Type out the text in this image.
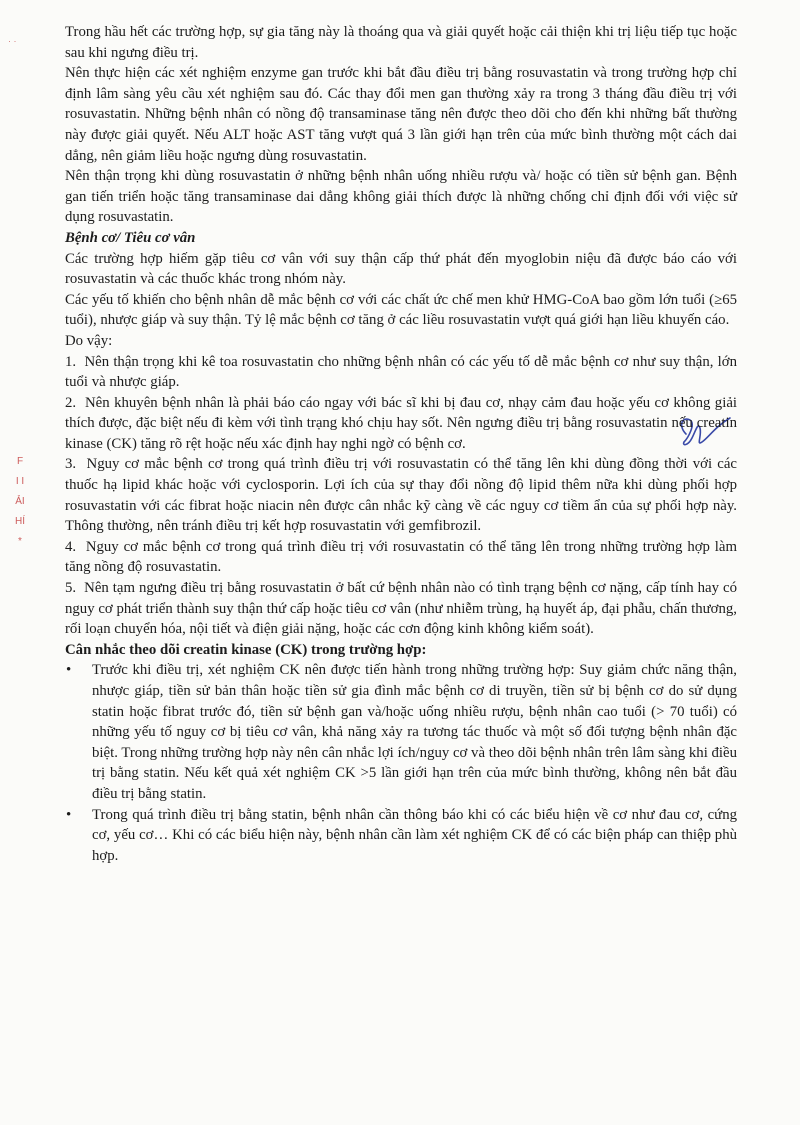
· ·
F
I I
ẢI
HÍ
*

Trong hầu hết các trường hợp, sự gia tăng này là thoáng qua và giải quyết hoặc cải thiện khi trị liệu tiếp tục hoặc sau khi ngưng điều trị.

Nên thực hiện các xét nghiệm enzyme gan trước khi bắt đầu điều trị bằng rosuvastatin và trong trường hợp chỉ định lâm sàng yêu cầu xét nghiệm sau đó. Các thay đổi men gan thường xảy ra trong 3 tháng đầu điều trị với rosuvastatin. Những bệnh nhân có nồng độ transaminase tăng nên được theo dõi cho đến khi những bất thường này được giải quyết. Nếu ALT hoặc AST tăng vượt quá 3 lần giới hạn trên của mức bình thường một cách dai dẳng, nên giảm liều hoặc ngưng dùng rosuvastatin.

Nên thận trọng khi dùng rosuvastatin ở những bệnh nhân uống nhiều rượu và/ hoặc có tiền sử bệnh gan. Bệnh gan tiến triển hoặc tăng transaminase dai dẳng không giải thích được là những chống chỉ định đối với việc sử dụng rosuvastatin.

Bệnh cơ/ Tiêu cơ vân

Các trường hợp hiếm gặp tiêu cơ vân với suy thận cấp thứ phát đến myoglobin niệu đã được báo cáo với rosuvastatin và các thuốc khác trong nhóm này.

Các yếu tố khiến cho bệnh nhân dễ mắc bệnh cơ với các chất ức chế men khử HMG-CoA bao gồm lớn tuổi (≥65 tuổi), nhược giáp và suy thận. Tỷ lệ mắc bệnh cơ tăng ở các liều rosuvastatin vượt quá giới hạn liều khuyến cáo.

Do vậy:

1. Nên thận trọng khi kê toa rosuvastatin cho những bệnh nhân có các yếu tố dễ mắc bệnh cơ như suy thận, lớn tuổi và nhược giáp.
2. Nên khuyên bệnh nhân là phải báo cáo ngay với bác sĩ khi bị đau cơ, nhạy cảm đau hoặc yếu cơ không giải thích được, đặc biệt nếu đi kèm với tình trạng khó chịu hay sốt. Nên ngưng điều trị bằng rosuvastatin nếu creatin kinase (CK) tăng rõ rệt hoặc nếu xác định hay nghi ngờ có bệnh cơ.
3. Nguy cơ mắc bệnh cơ trong quá trình điều trị với rosuvastatin có thể tăng lên khi dùng đồng thời với các thuốc hạ lipid khác hoặc với cyclosporin. Lợi ích của sự thay đổi nồng độ lipid thêm nữa khi dùng phối hợp rosuvastatin với các fibrat hoặc niacin nên được cân nhắc kỹ càng về các nguy cơ tiềm ẩn của sự phối hợp này. Thông thường, nên tránh điều trị kết hợp rosuvastatin với gemfibrozil.
4. Nguy cơ mắc bệnh cơ trong quá trình điều trị với rosuvastatin có thể tăng lên trong những trường hợp làm tăng nồng độ rosuvastatin.
5. Nên tạm ngưng điều trị bằng rosuvastatin ở bất cứ bệnh nhân nào có tình trạng bệnh cơ nặng, cấp tính hay có nguy cơ phát triển thành suy thận thứ cấp hoặc tiêu cơ vân (như nhiễm trùng, hạ huyết áp, đại phẫu, chấn thương, rối loạn chuyển hóa, nội tiết và điện giải nặng, hoặc các cơn động kinh không kiểm soát).

Cân nhắc theo dõi creatin kinase (CK) trong trường hợp:

• Trước khi điều trị, xét nghiệm CK nên được tiến hành trong những trường hợp: Suy giảm chức năng thận, nhược giáp, tiền sử bản thân hoặc tiền sử gia đình mắc bệnh cơ di truyền, tiền sử bị bệnh cơ do sử dụng statin hoặc fibrat trước đó, tiền sử bệnh gan và/hoặc uống nhiều rượu, bệnh nhân cao tuổi (> 70 tuổi) có những yếu tố nguy cơ bị tiêu cơ vân, khả năng xảy ra tương tác thuốc và một số đối tượng bệnh nhân đặc biệt. Trong những trường hợp này nên cân nhắc lợi ích/nguy cơ và theo dõi bệnh nhân trên lâm sàng khi điều trị bằng statin. Nếu kết quả xét nghiệm CK >5 lần giới hạn trên của mức bình thường, không nên bắt đầu điều trị bằng statin.
• Trong quá trình điều trị bằng statin, bệnh nhân cần thông báo khi có các biểu hiện về cơ như đau cơ, cứng cơ, yếu cơ… Khi có các biểu hiện này, bệnh nhân cần làm xét nghiệm CK để có các biện pháp can thiệp phù hợp.
